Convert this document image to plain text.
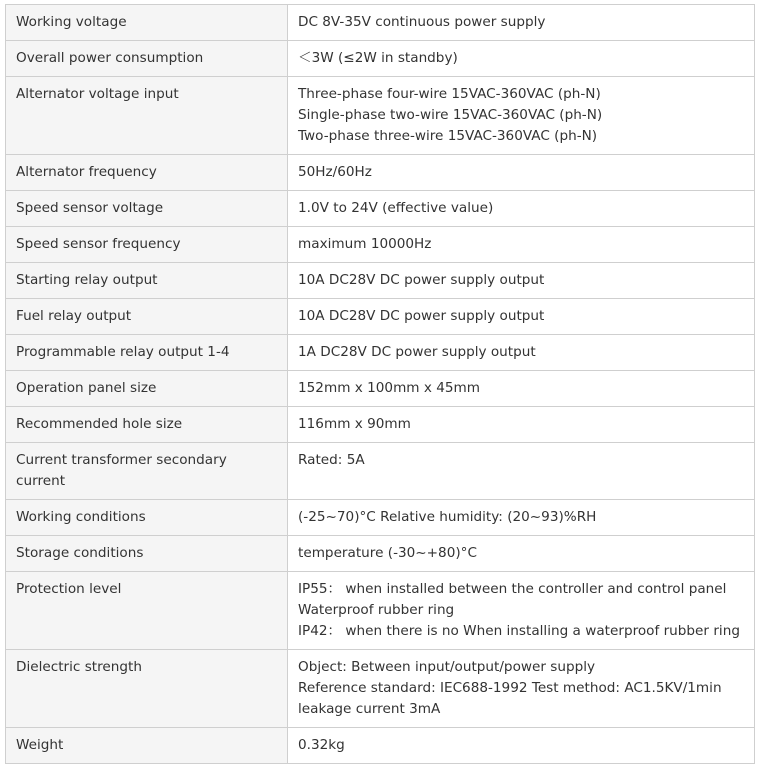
Working voltage	DC 8V-35V continuous power supply

Overall power consumption	＜3W (≤2W in standby)

Alternator voltage input	Three-phase four-wire 15VAC-360VAC (ph-N)
Single-phase two-wire 15VAC-360VAC (ph-N)
Two-phase three-wire 15VAC-360VAC (ph-N)

Alternator frequency	50Hz/60Hz

Speed sensor voltage	1.0V to 24V (effective value)

Speed sensor frequency	maximum 10000Hz

Starting relay output	10A DC28V DC power supply output

Fuel relay output	10A DC28V DC power supply output

Programmable relay output 1-4	1A DC28V DC power supply output

Operation panel size	152mm x 100mm x 45mm

Recommended hole size	116mm x 90mm

Current transformer secondary current	Rated: 5A

Working conditions	(-25~70)°C Relative humidity: (20~93)%RH

Storage conditions	temperature (-30~+80)°C

Protection level	IP55： when installed between the controller and control panel
Waterproof rubber ring
IP42： when there is no When installing a waterproof rubber ring

Dielectric strength	Object: Between input/output/power supply
Reference standard: IEC688-1992 Test method: AC1.5KV/1min
leakage current 3mA

Weight	0.32kg
